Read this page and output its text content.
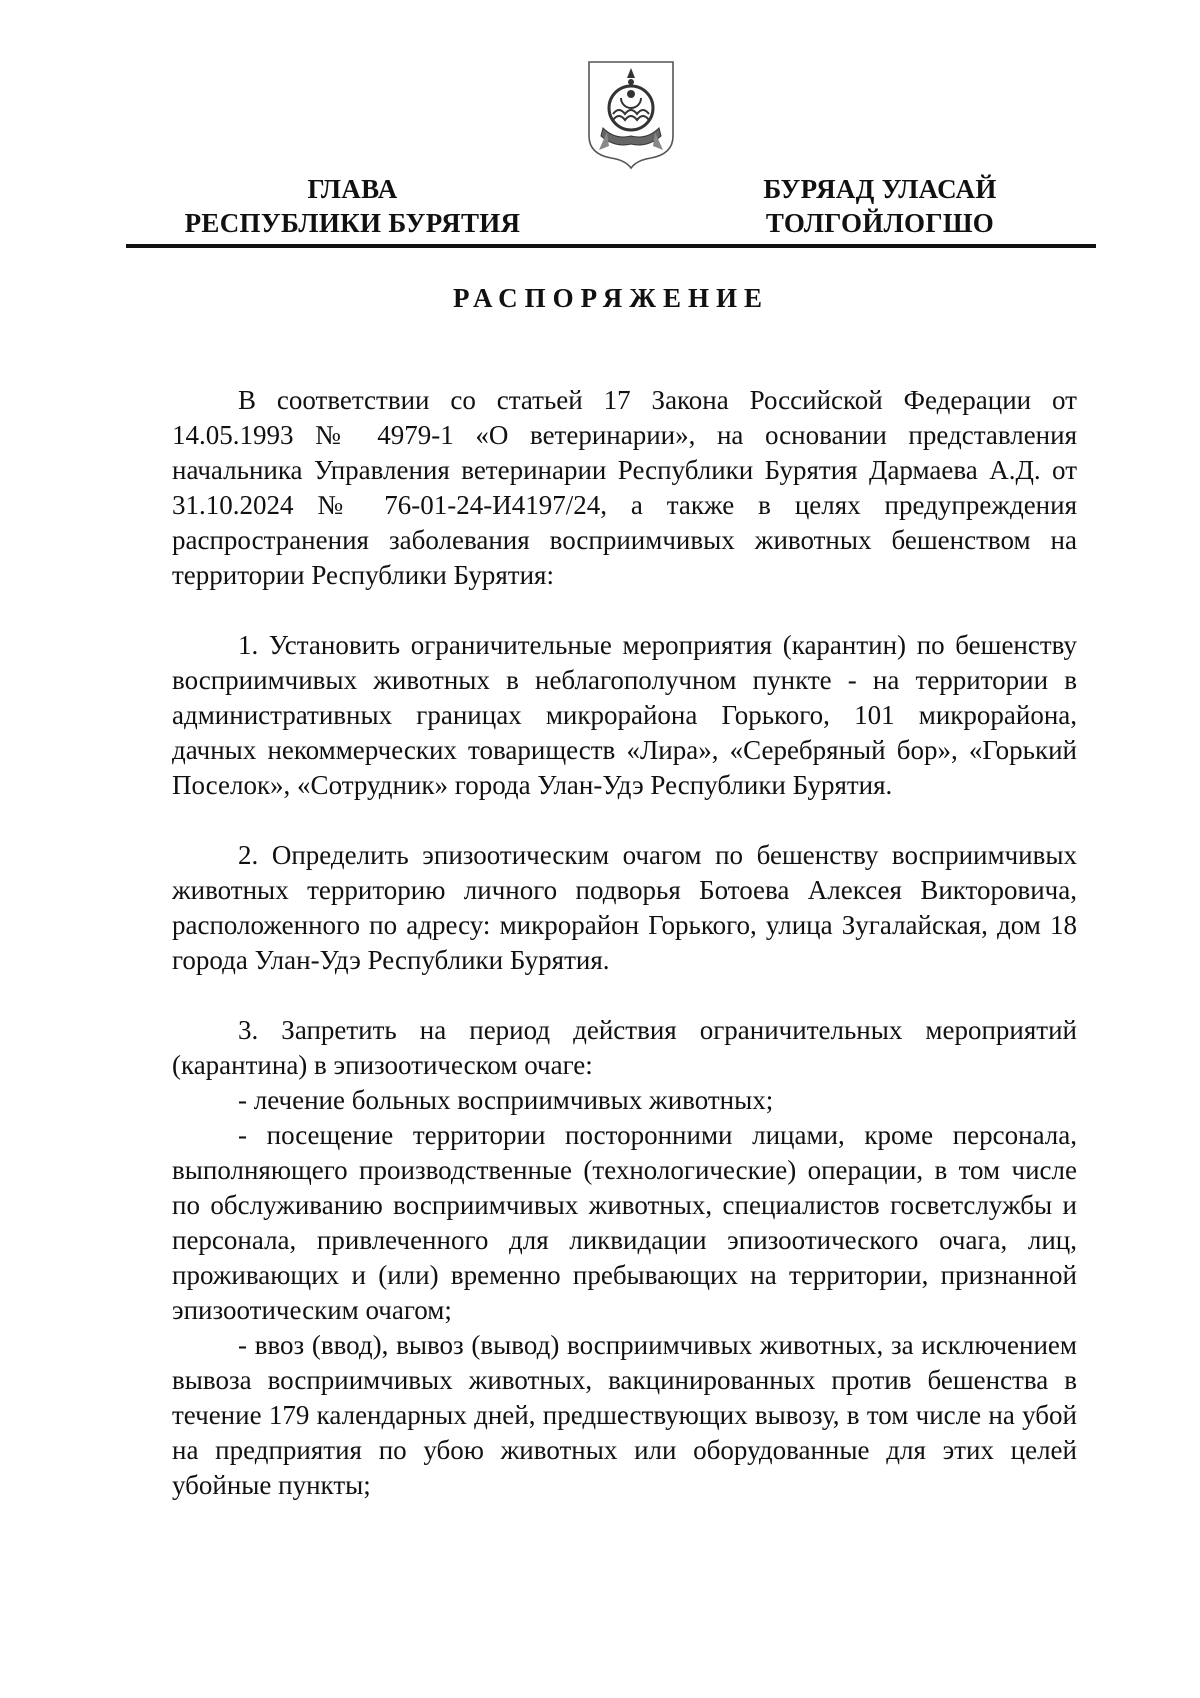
ГЛАВА
РЕСПУБЛИКИ БУРЯТИЯ
БУРЯАД УЛАСАЙ
ТОЛГОЙЛОГШО
РАСПОРЯЖЕНИЕ

В соответствии со статьей 17 Закона Российской Федерации от 14.05.1993 № 4979-1 «О ветеринарии», на основании представления начальника Управления ветеринарии Республики Бурятия Дармаева А.Д. от 31.10.2024 № 76-01-24-И4197/24, а также в целях предупреждения распространения заболевания восприимчивых животных бешенством на территории Республики Бурятия:

1. Установить ограничительные мероприятия (карантин) по бешенству восприимчивых животных в неблагополучном пункте - на территории в административных границах микрорайона Горького, 101 микрорайона, дачных некоммерческих товариществ «Лира», «Серебряный бор», «Горький Поселок», «Сотрудник» города Улан-Удэ Республики Бурятия.

2. Определить эпизоотическим очагом по бешенству восприимчивых животных территорию личного подворья Ботоева Алексея Викторовича, расположенного по адресу: микрорайон Горького, улица Зугалайская, дом 18 города Улан-Удэ Республики Бурятия.

3. Запретить на период действия ограничительных мероприятий (карантина) в эпизоотическом очаге:

- лечение больных восприимчивых животных;

- посещение территории посторонними лицами, кроме персонала, выполняющего производственные (технологические) операции, в том числе по обслуживанию восприимчивых животных, специалистов госветслужбы и персонала, привлеченного для ликвидации эпизоотического очага, лиц, проживающих и (или) временно пребывающих на территории, признанной эпизоотическим очагом;

- ввоз (ввод), вывоз (вывод) восприимчивых животных, за исключением вывоза восприимчивых животных, вакцинированных против бешенства в течение 179 календарных дней, предшествующих вывозу, в том числе на убой на предприятия по убою животных или оборудованные для этих целей убойные пункты;
